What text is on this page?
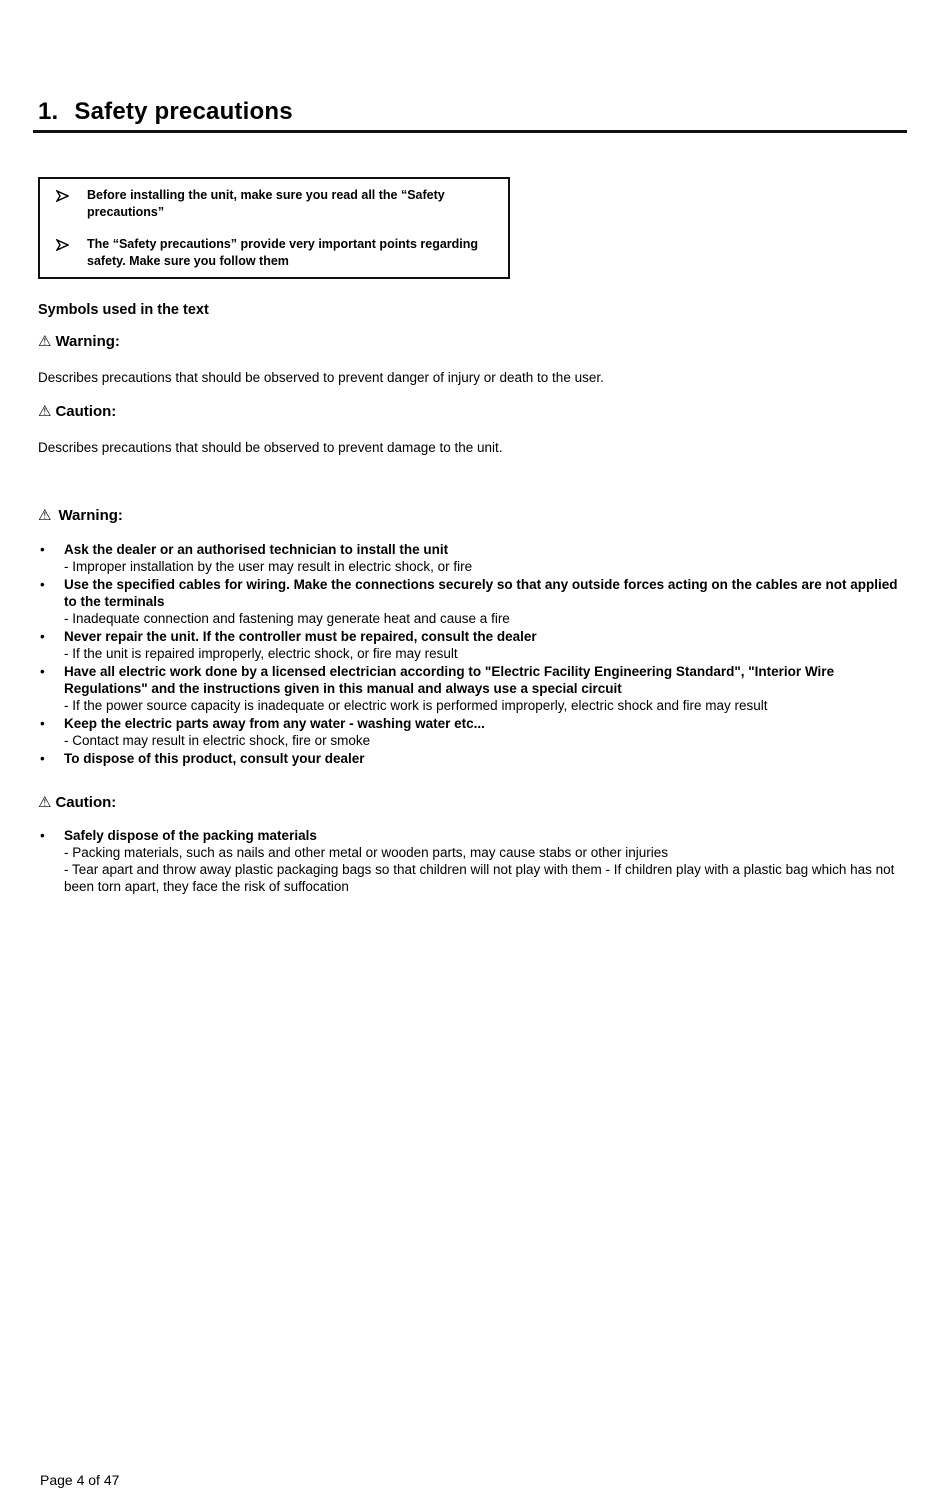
1. Safety precautions
Before installing the unit, make sure you read all the “Safety precautions”
The “Safety precautions” provide very important points regarding safety. Make sure you follow them
Symbols used in the text
⚠ Warning:

Describes precautions that should be observed to prevent danger of injury or death to the user.

⚠ Caution:

Describes precautions that should be observed to prevent damage to the unit.

⚠ Warning:
•	Ask the dealer or an authorised technician to install the unit
- Improper installation by the user may result in electric shock, or fire
•	Use the specified cables for wiring. Make the connections securely so that any outside forces acting on the cables are not applied to the terminals
- Inadequate connection and fastening may generate heat and cause a fire
•	Never repair the unit. If the controller must be repaired, consult the dealer
- If the unit is repaired improperly, electric shock, or fire may result
•	Have all electric work done by a licensed electrician according to "Electric Facility Engineering Standard", "Interior Wire Regulations" and the instructions given in this manual and always use a special circuit
- If the power source capacity is inadequate or electric work is performed improperly, electric shock and fire may result
•	Keep the electric parts away from any water - washing water etc...
- Contact may result in electric shock, fire or smoke
•	To dispose of this product, consult your dealer
⚠ Caution:
•	Safely dispose of the packing materials
- Packing materials, such as nails and other metal or wooden parts, may cause stabs or other injuries
- Tear apart and throw away plastic packaging bags so that children will not play with them - If children play with a plastic bag which has not been torn apart, they face the risk of suffocation
Page 4 of 47
